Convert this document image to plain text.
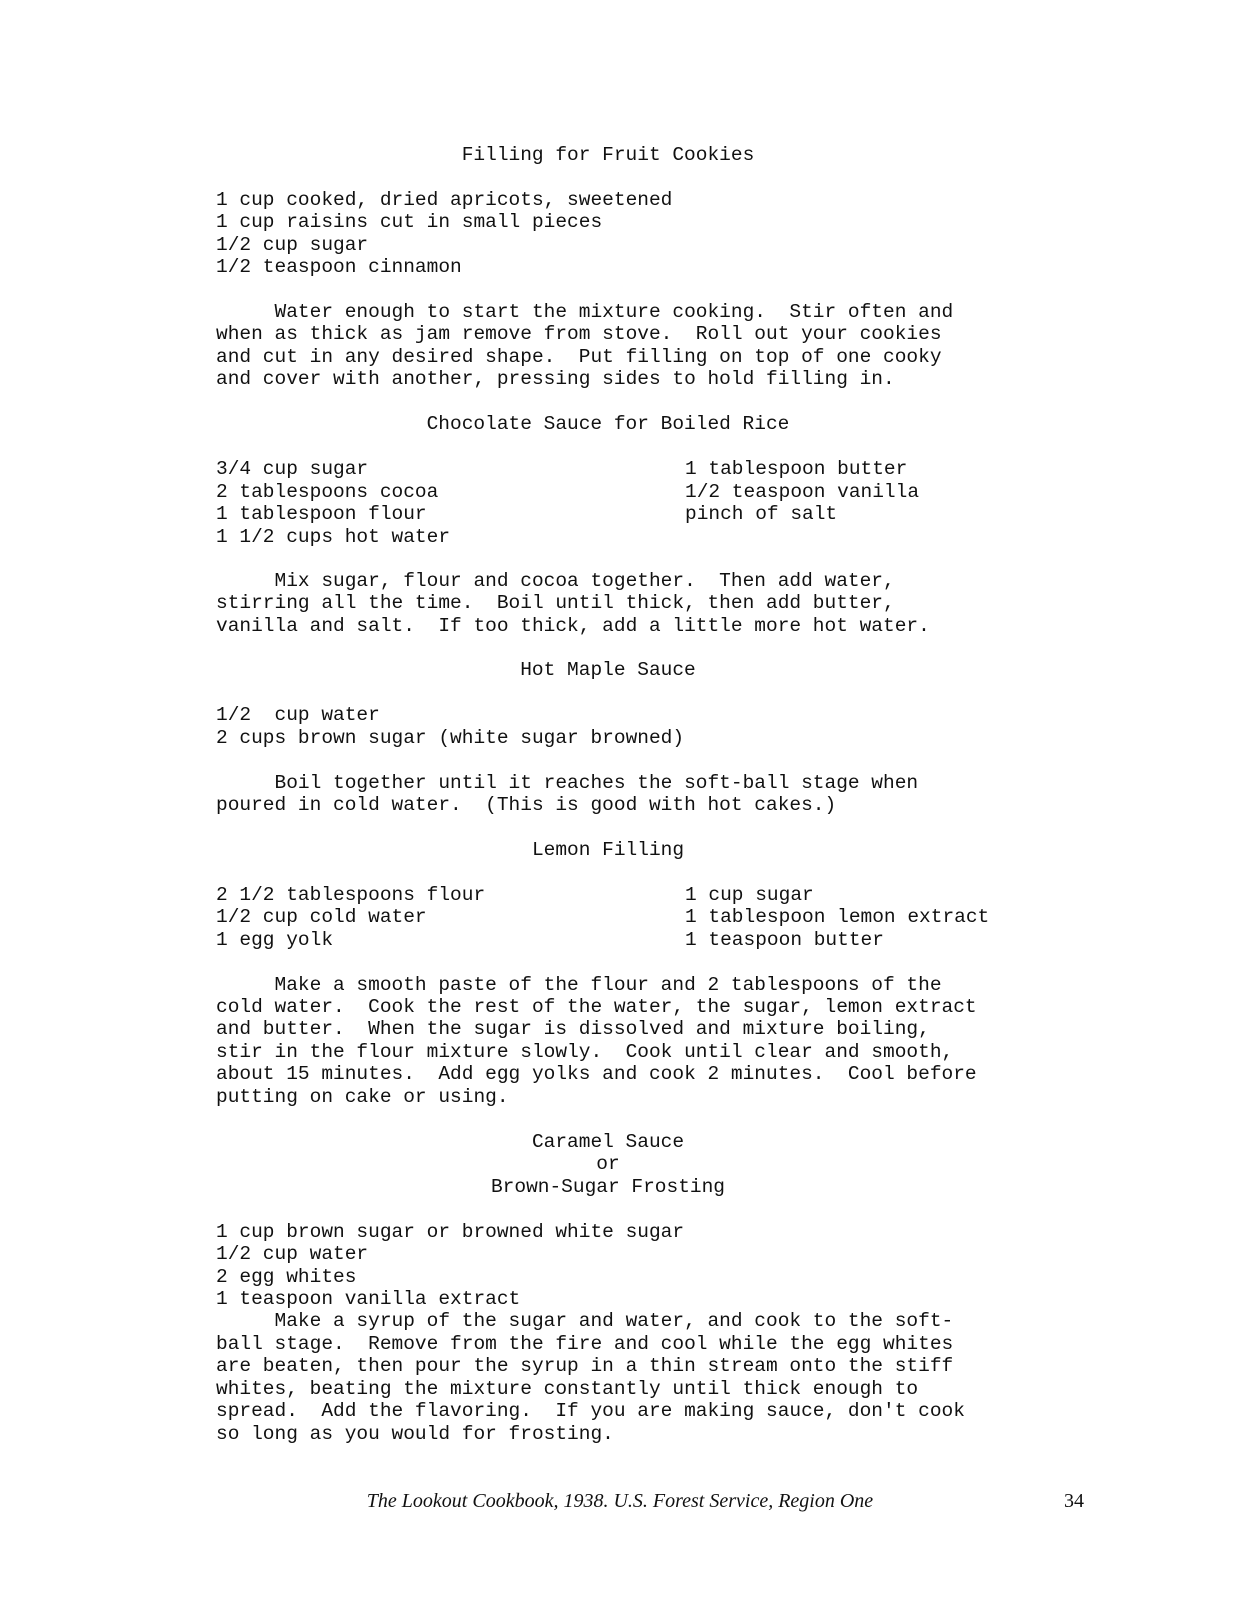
Filling for Fruit Cookies

1 cup cooked, dried apricots, sweetened

1 cup raisins cut in small pieces

1/2 cup sugar

1/2 teaspoon cinnamon

Water enough to start the mixture cooking.  Stir often and

when as thick as jam remove from stove.  Roll out your cookies

and cut in any desired shape.  Put filling on top of one cooky

and cover with another, pressing sides to hold filling in.

Chocolate Sauce for Boiled Rice

3/4 cup sugar

2 tablespoons cocoa

1 tablespoon flour

1 1/2 cups hot water

1 tablespoon butter

1/2 teaspoon vanilla

pinch of salt

Mix sugar, flour and cocoa together.  Then add water,

stirring all the time.  Boil until thick, then add butter,

vanilla and salt.  If too thick, add a little more hot water.

Hot Maple Sauce

1/2  cup water

2 cups brown sugar (white sugar browned)

Boil together until it reaches the soft-ball stage when

poured in cold water.  (This is good with hot cakes.)

Lemon Filling

2 1/2 tablespoons flour

1/2 cup cold water

1 egg yolk

1 cup sugar

1 tablespoon lemon extract

1 teaspoon butter

Make a smooth paste of the flour and 2 tablespoons of the

cold water.  Cook the rest of the water, the sugar, lemon extract

and butter.  When the sugar is dissolved and mixture boiling,

stir in the flour mixture slowly.  Cook until clear and smooth,

about 15 minutes.  Add egg yolks and cook 2 minutes.  Cool before

putting on cake or using.

Caramel Sauce

or

Brown-Sugar Frosting

1 cup brown sugar or browned white sugar

1/2 cup water

2 egg whites

1 teaspoon vanilla extract

Make a syrup of the sugar and water, and cook to the soft-

ball stage.  Remove from the fire and cool while the egg whites

are beaten, then pour the syrup in a thin stream onto the stiff

whites, beating the mixture constantly until thick enough to

spread.  Add the flavoring.  If you are making sauce, don't cook

so long as you would for frosting.

The Lookout Cookbook, 1938. U.S. Forest Service, Region One

	34
